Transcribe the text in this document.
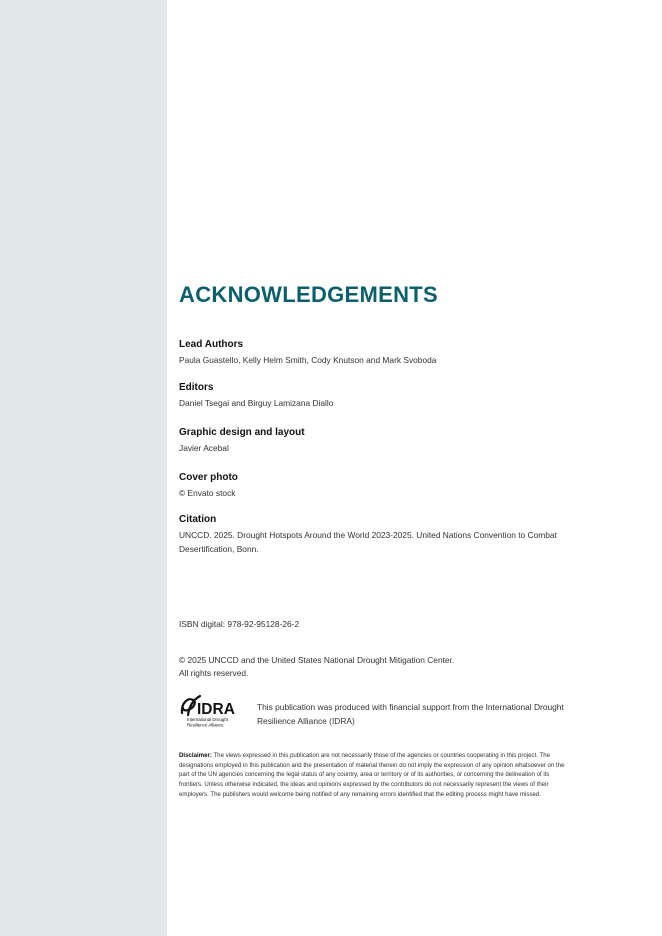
ACKNOWLEDGEMENTS
Lead Authors
Paula Guastello, Kelly Helm Smith, Cody Knutson and Mark Svoboda
Editors
Daniel Tsegai and Birguy Lamizana Diallo
Graphic design and layout
Javier Acebal
Cover photo
© Envato stock
Citation
UNCCD. 2025. Drought Hotspots Around the World 2023-2025. United Nations Convention to Combat Desertification, Bonn.
ISBN digital: 978-92-95128-26-2
© 2025 UNCCD and the United States National Drought Mitigation Center.
All rights reserved.
IDRA
International Drought
Resilience Alliance
This publication was produced with financial support from the International Drought Resilience Alliance (IDRA)

Disclaimer: The views expressed in this publication are not necessarily those of the agencies or countries cooperating in this project. The designations employed in this publication and the presentation of material therein do not imply the expression of any opinion whatsoever on the part of the UN agencies concerning the legal status of any country, area or territory or of its authorities, or concerning the delineation of its frontiers. Unless otherwise indicated, the ideas and opinions expressed by the contributors do not necessarily represent the views of their employers. The publishers would welcome being notified of any remaining errors identified that the editing process might have missed.
